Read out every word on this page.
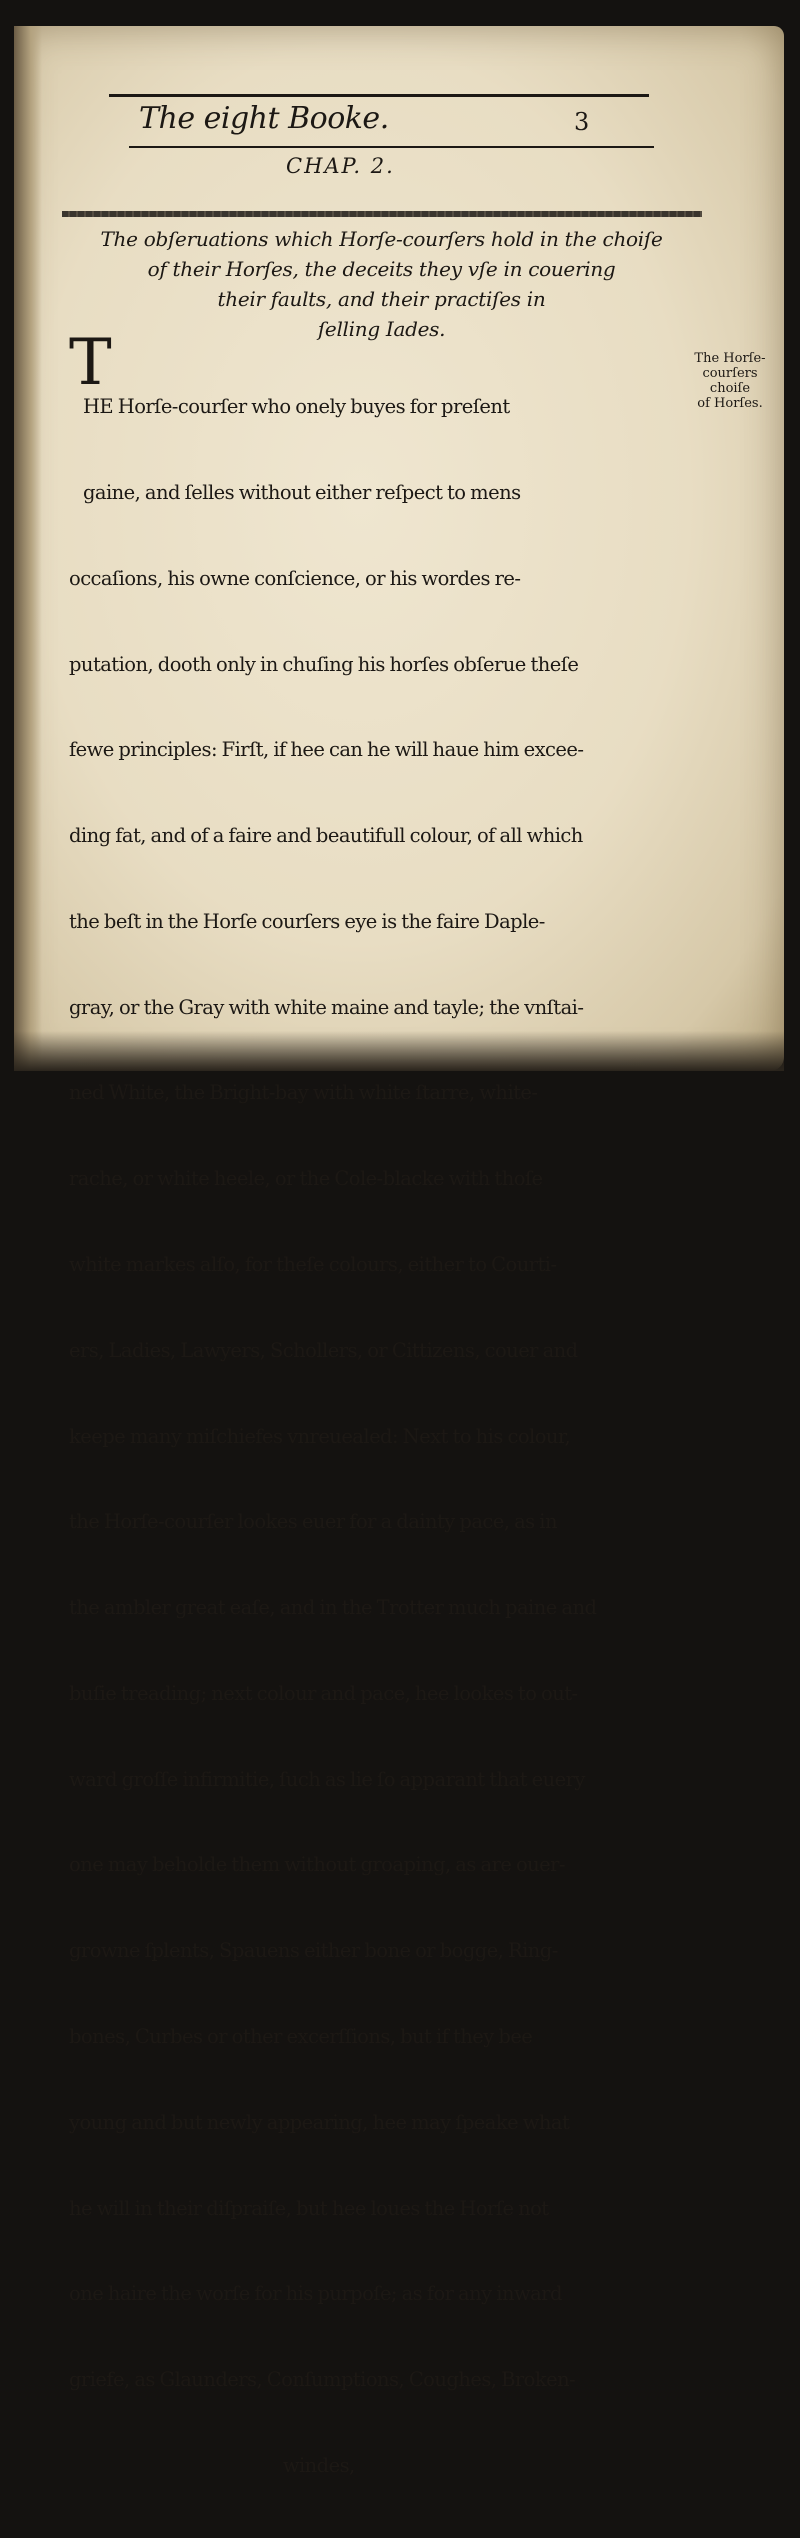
The eight Booke.	3
CHAP. 2.
The obſeruations which Horſe-courſers hold in the choiſe
of their Horſes, the deceits they vſe in couering
their faults, and their practiſes in
ſelling Iades.
T	The Horſe-
courſers choiſe
of Horſes.

HE Horſe-courſer who onely buyes for preſent

gaine, and ſelles without either reſpect to mens

occaſions, his owne conſcience, or his wordes re-

putation, dooth only in chuſing his horſes obſerue theſe

fewe principles: Firſt, if hee can he will haue him excee-

ding fat, and of a faire and beautifull colour, of all which

the beſt in the Horſe courſers eye is the faire Daple-

gray, or the Gray with white maine and tayle; the vnſtai-

ned White, the Bright-bay with white ſtarre, white-

rache, or white heele, or the Cole-blacke with thoſe

white markes alſo, for theſe colours, either to Courti-

ers, Ladies, Lawyers, Schollers, or Cittizens, couer and

keepe many miſchiefes vnreuealed: Next to his colour,

the Horſe-courſer lookes euer for a dainty pace, as in

the ambler great eaſe, and in the Trotter much paine and

buſie treading; next colour and pace, hee lookes to out-

ward groſſe infirmitie, ſuch as lie ſo apparant that euery

one may beholde them without groaping, as are ouer-

growne ſplents, Spauens either bone or bogge, Ring-

bones, Curbes or other excerſſions, but if they bee

young and but newly appearing, hee may ſpeake what

he will in their diſpraiſe, but hee loues the Horſe not

one haire the worſe for his purpoſe; as for any inward

griefe, as Glaunders, Conſumptions, Coughes, Broken-

windes,
